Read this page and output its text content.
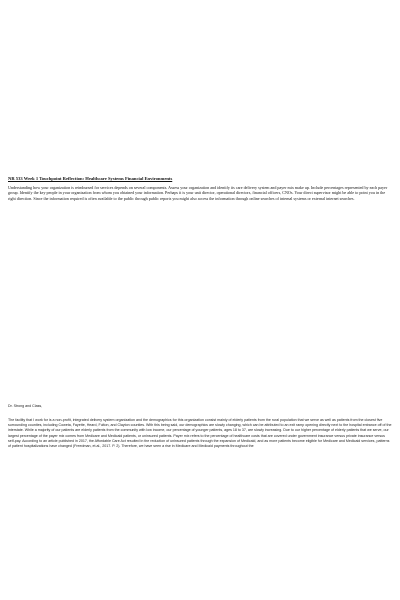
NR 533 Week 1 Touchpoint Reflection: Healthcare Systems Financial Environments

Understanding how your organization is reimbursed for services depends on several components. Assess your organization and identify its care delivery system and payer mix make up. Include percentages represented by each payer group. Identify the key people in your organization from whom you obtained your information. Perhaps it is your unit director, operational directors, financial officers, CNOs. Your direct supervisor might be able to point you in the right direction. Since the information required is often available to the public through public reports you might also access the information through online searches of internal systems or external internet searches.

Dr. Strong and Class,

The facility that I work for is a non-profit, integrated delivery system organization and the demographics for this organization consist mainly of elderly patients from the rural population that we serve as well as patients from the closest five surrounding counties, including Coweta, Fayette, Heard, Fulton, and Clayton counties. With this being said, our demographics are slowly changing, which can be attributed to an exit ramp opening directly next to the hospital entrance off of the interstate. While a majority of our patients are elderly patients from the community with low income, our percentage of younger patients, ages 18 to 37, are slowly increasing. Due to our higher percentage of elderly patients that we serve, our largest percentage of the payer mix comes from Medicare and Medicaid patients, or uninsured patients. Payer mix refers to the percentage of healthcare costs that are covered under government insurance versus private insurance versus self-pay. According to an article published in 2017, the Affordable Care Act resulted in the reduction of uninsured patients through the expansion of Medicaid, and as more patients become eligible for Medicare and Medicaid services, patterns of patient hospitalizations have changed (Freedman, et.al., 2017. P. 2). Therefore, we have seen a rise in Medicare and Medicaid payments throughout the
